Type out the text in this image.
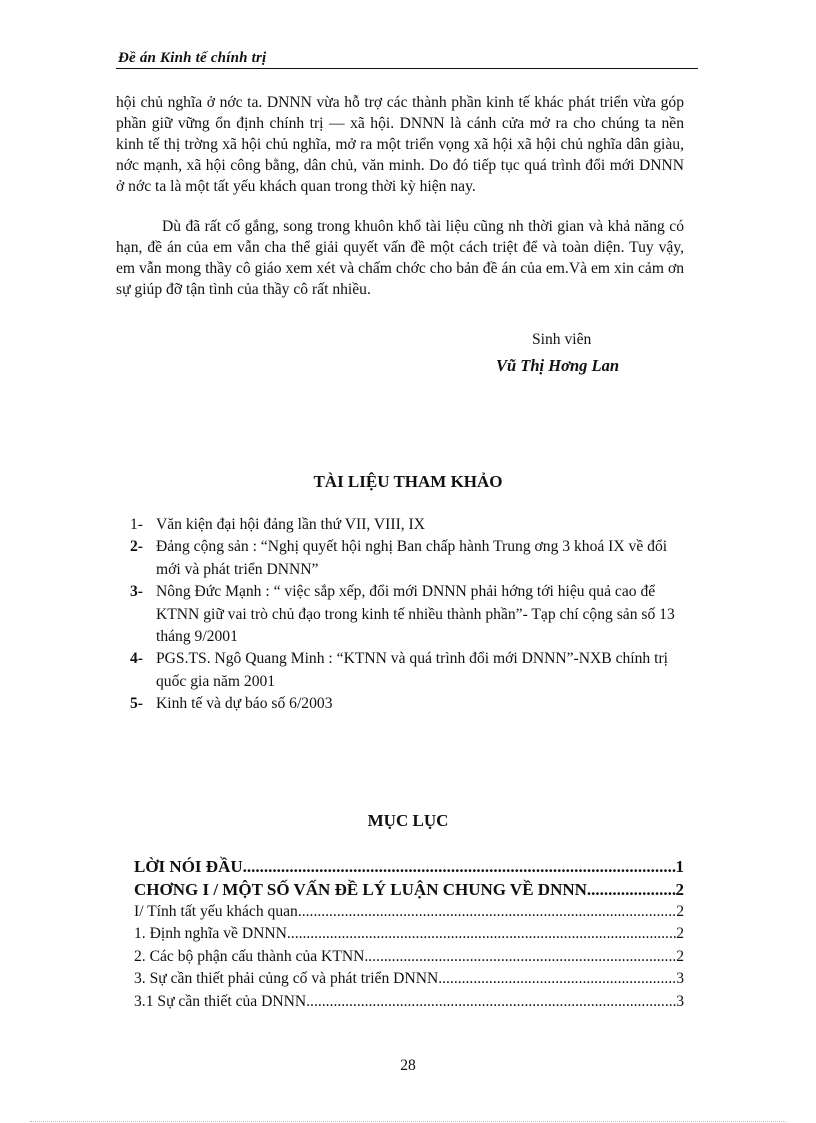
Đề án Kinh tế chính trị

hội chủ nghĩa ở nớc ta. DNNN vừa hỗ trợ các thành phần kinh tế khác phát triển vừa góp phần giữ vững ổn định chính trị — xã hội. DNNN là cánh cửa mở ra cho chúng ta nền kinh tế thị trờng xã hội chủ nghĩa, mở ra một triển vọng xã hội xã hội chủ nghĩa dân giàu, nớc mạnh, xã hội công bằng, dân chủ, văn minh. Do đó tiếp tục quá trình đổi mới DNNN ở nớc ta là một tất yếu khách quan trong thời kỳ hiện nay.

Dù đã rất cố gắng, song trong khuôn khổ tài liệu cũng nh thời gian và khả năng có hạn, đề án của em vẫn cha thể giải quyết vấn đề một cách triệt để và toàn diện. Tuy vậy, em vẫn mong thầy cô giáo xem xét và chấm chớc cho bản đề án của em.Và em xin cảm ơn sự giúp đỡ tận tình của thầy cô rất nhiều.

Sinh viên
Vũ Thị Hơng Lan
TÀI LIỆU THAM KHẢO
1- Văn kiện đại hội đảng lần thứ VII, VIII, IX
2- Đảng cộng sản : “Nghị quyết hội nghị Ban chấp hành Trung ơng 3 khoá IX về đổi mới và phát triển DNNN”
3- Nông Đức Mạnh : “ việc sắp xếp, đổi mới DNNN phải hớng tới hiệu quả cao để KTNN giữ vai trò chủ đạo trong kinh tế nhiều thành phần”- Tạp chí cộng sản số 13 tháng 9/2001
4- PGS.TS. Ngô Quang Minh : “KTNN và quá trình đổi mới DNNN”-NXB chính trị quốc gia năm 2001
5- Kinh tế và dự báo số 6/2003
MỤC LỤC
LỜI NÓI ĐẦU .....	1
CHƠNG I / MỘT SỐ VẤN ĐỀ LÝ LUẬN CHUNG VỀ DNNN .....	2
I/ Tính tất yếu khách quan .....	2
1. Định nghĩa về DNNN .....	2
2. Các bộ phận cấu thành của KTNN .....	2
3. Sự cần thiết phải củng cố và phát triển DNNN .....	3
3.1 Sự cần thiết của DNNN .....	3
28
